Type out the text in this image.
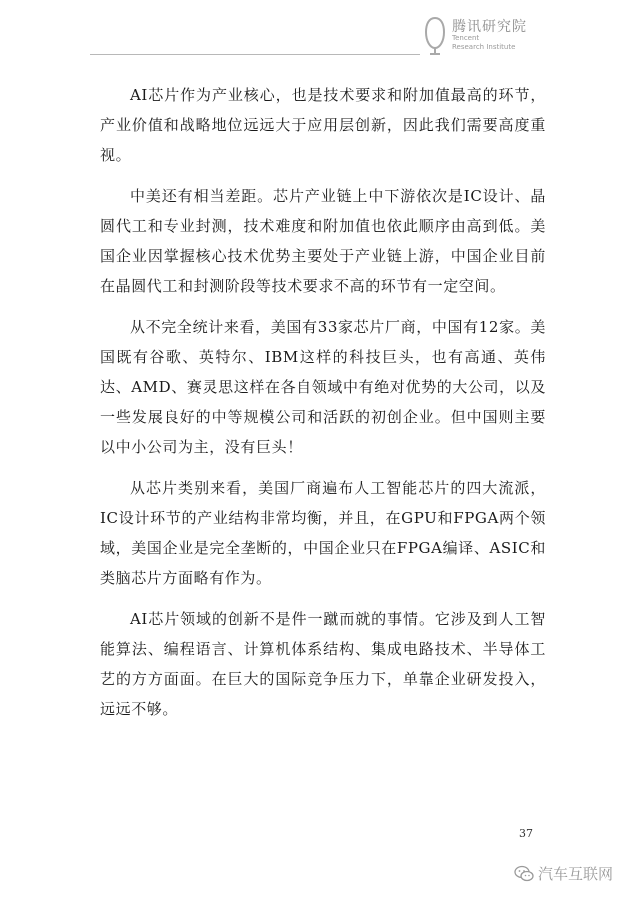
腾讯研究院
Tencent
Research Institute

AI芯片作为产业核心，也是技术要求和附加值最高的环节，产业价值和战略地位远远大于应用层创新，因此我们需要高度重视。

中美还有相当差距。芯片产业链上中下游依次是IC设计、晶圆代工和专业封测，技术难度和附加值也依此顺序由高到低。美国企业因掌握核心技术优势主要处于产业链上游，中国企业目前在晶圆代工和封测阶段等技术要求不高的环节有一定空间。

从不完全统计来看，美国有33家芯片厂商，中国有12家。美国既有谷歌、英特尔、IBM这样的科技巨头，也有高通、英伟达、AMD、赛灵思这样在各自领域中有绝对优势的大公司，以及一些发展良好的中等规模公司和活跃的初创企业。但中国则主要以中小公司为主，没有巨头！

从芯片类别来看，美国厂商遍布人工智能芯片的四大流派，IC设计环节的产业结构非常均衡，并且，在GPU和FPGA两个领域，美国企业是完全垄断的，中国企业只在FPGA编译、ASIC和类脑芯片方面略有作为。

AI芯片领域的创新不是件一蹴而就的事情。它涉及到人工智能算法、编程语言、计算机体系结构、集成电路技术、半导体工艺的方方面面。在巨大的国际竞争压力下，单靠企业研发投入，远远不够。

37
汽车互联网
